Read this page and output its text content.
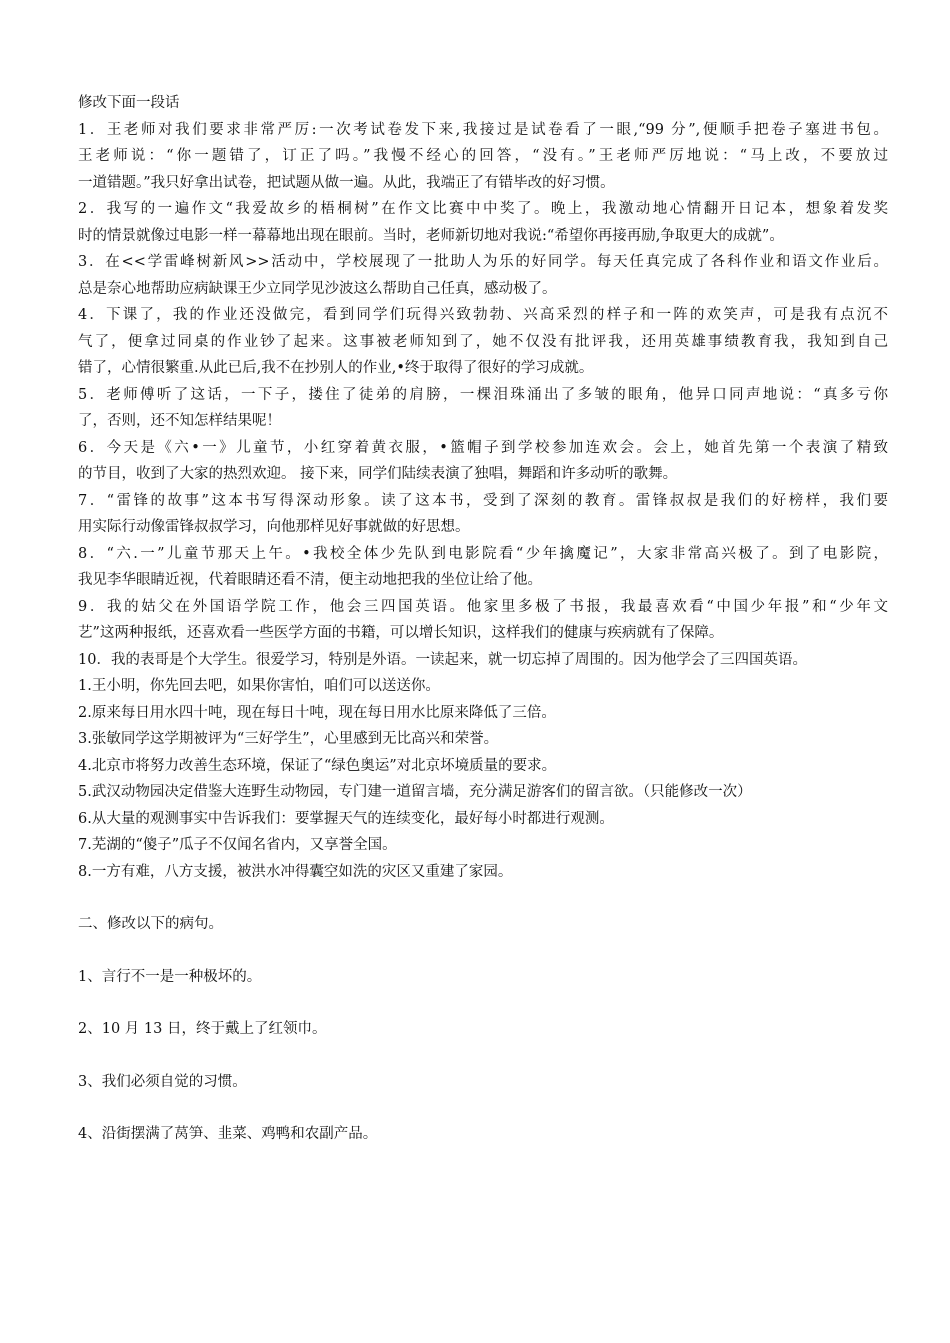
修改下面一段话
1．王老师对我们要求非常严厉:一次考试卷发下来,我接过是试卷看了一眼,“99 分”,便顺手把卷子塞进书包。
王老师说：“你一题错了，订正了吗。”我慢不经心的回答，“没有。”王老师严厉地说：“马上改，不要放过
一道错题。”我只好拿出试卷，把试题从做一遍。从此，我端正了有错毕改的好习惯。
2．我写的一遍作文“我爱故乡的梧桐树”在作文比赛中中奖了。晚上，我激动地心情翻开日记本，想象着发奖
时的情景就像过电影一样一幕幕地出现在眼前。当时，老师新切地对我说:“希望你再接再励,争取更大的成就”。
3．在<<学雷峰树新风>>活动中，学校展现了一批助人为乐的好同学。每天任真完成了各科作业和语文作业后。
总是奈心地帮助应病缺课王少立同学见沙波这么帮助自己任真，感动极了。
4．下课了，我的作业还没做完，看到同学们玩得兴致勃勃、兴高采烈的样子和一阵的欢笑声，可是我有点沉不
气了，便拿过同桌的作业钞了起来。这事被老师知到了，她不仅没有批评我，还用英雄事绩教育我，我知到自己
错了，心情很繁重.从此已后,我不在抄别人的作业,•终于取得了很好的学习成就。
5．老师傅听了这话，一下子，搂住了徒弟的肩膀，一棵泪珠涌出了多皱的眼角，他异口同声地说：“真多亏你
了，否则，还不知怎样结果呢！
6．今天是《六•一》儿童节，小红穿着黄衣服，•篮帽子到学校参加连欢会。会上，她首先第一个表演了精致
的节目，收到了大家的热烈欢迎。 接下来，同学们陆续表演了独唱，舞蹈和许多动听的歌舞。
7．“雷锋的故事”这本书写得深动形象。读了这本书，受到了深刻的教育。雷锋叔叔是我们的好榜样，我们要
用实际行动像雷锋叔叔学习，向他那样见好事就做的好思想。
8．“六.一”儿童节那天上午。•我校全体少先队到电影院看“少年擒魔记”，大家非常高兴极了。到了电影院，
我见李华眼睛近视，代着眼睛还看不清，便主动地把我的坐位让给了他。
9．我的姑父在外国语学院工作，他会三四国英语。他家里多极了书报，我最喜欢看“中国少年报”和“少年文
艺”这两种报纸，还喜欢看一些医学方面的书籍，可以增长知识，这样我们的健康与疾病就有了保障。
10．我的表哥是个大学生。很爱学习，特别是外语。一读起来，就一切忘掉了周围的。因为他学会了三四国英语。
1.王小明，你先回去吧，如果你害怕，咱们可以送送你。
2.原来每日用水四十吨，现在每日十吨，现在每日用水比原来降低了三倍。
3.张敏同学这学期被评为“三好学生”，心里感到无比高兴和荣誉。
4.北京市将努力改善生态环境，保证了“绿色奥运”对北京坏境质量的要求。
5.武汉动物园决定借鉴大连野生动物园，专门建一道留言墙，充分满足游客们的留言欲。（只能修改一次）
6.从大量的观测事实中告诉我们：要掌握天气的连续变化，最好每小时都进行观测。
7.芜湖的“傻子”瓜子不仅闻名省内，又享誉全国。
8.一方有难，八方支援，被洪水冲得囊空如洗的灾区又重建了家园。
二、修改以下的病句。
1、言行不一是一种极坏的。
2、10 月 13 日，终于戴上了红领巾。
3、我们必须自觉的习惯。
4、沿街摆满了莴笋、韭菜、鸡鸭和农副产品。
